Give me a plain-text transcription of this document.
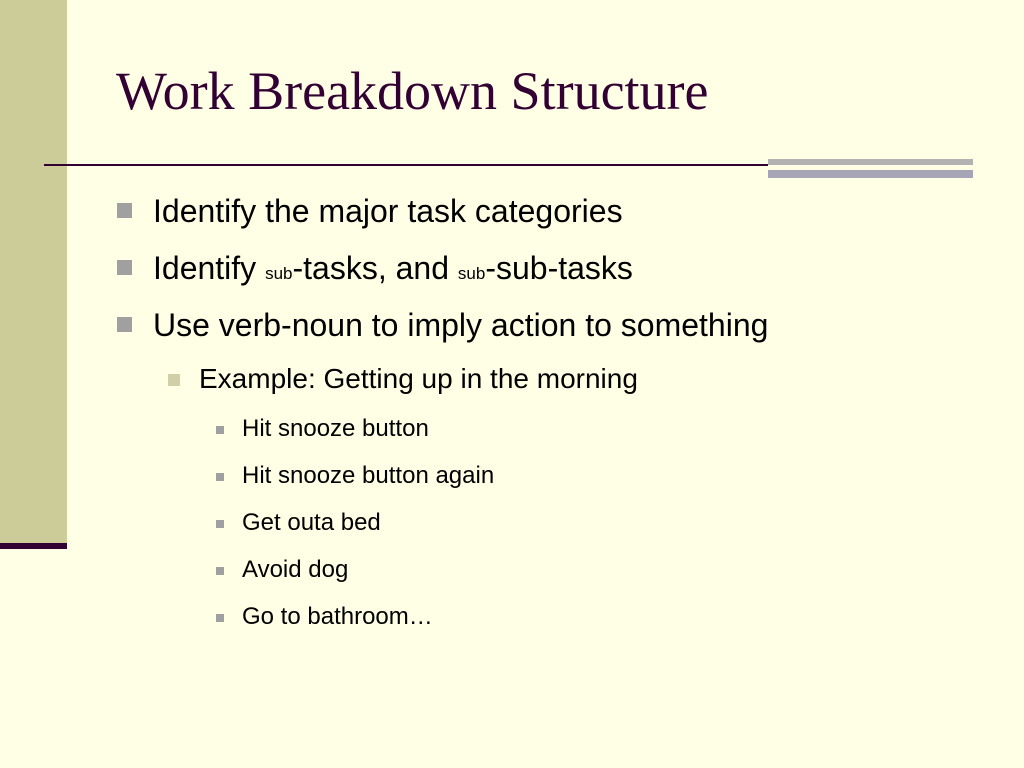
Work Breakdown Structure
Identify the major task categories
Identify sub-tasks, and sub-sub-tasks
Use verb-noun to imply action to something
Example: Getting up in the morning
Hit snooze button
Hit snooze button again
Get outa bed
Avoid dog
Go to bathroom…
